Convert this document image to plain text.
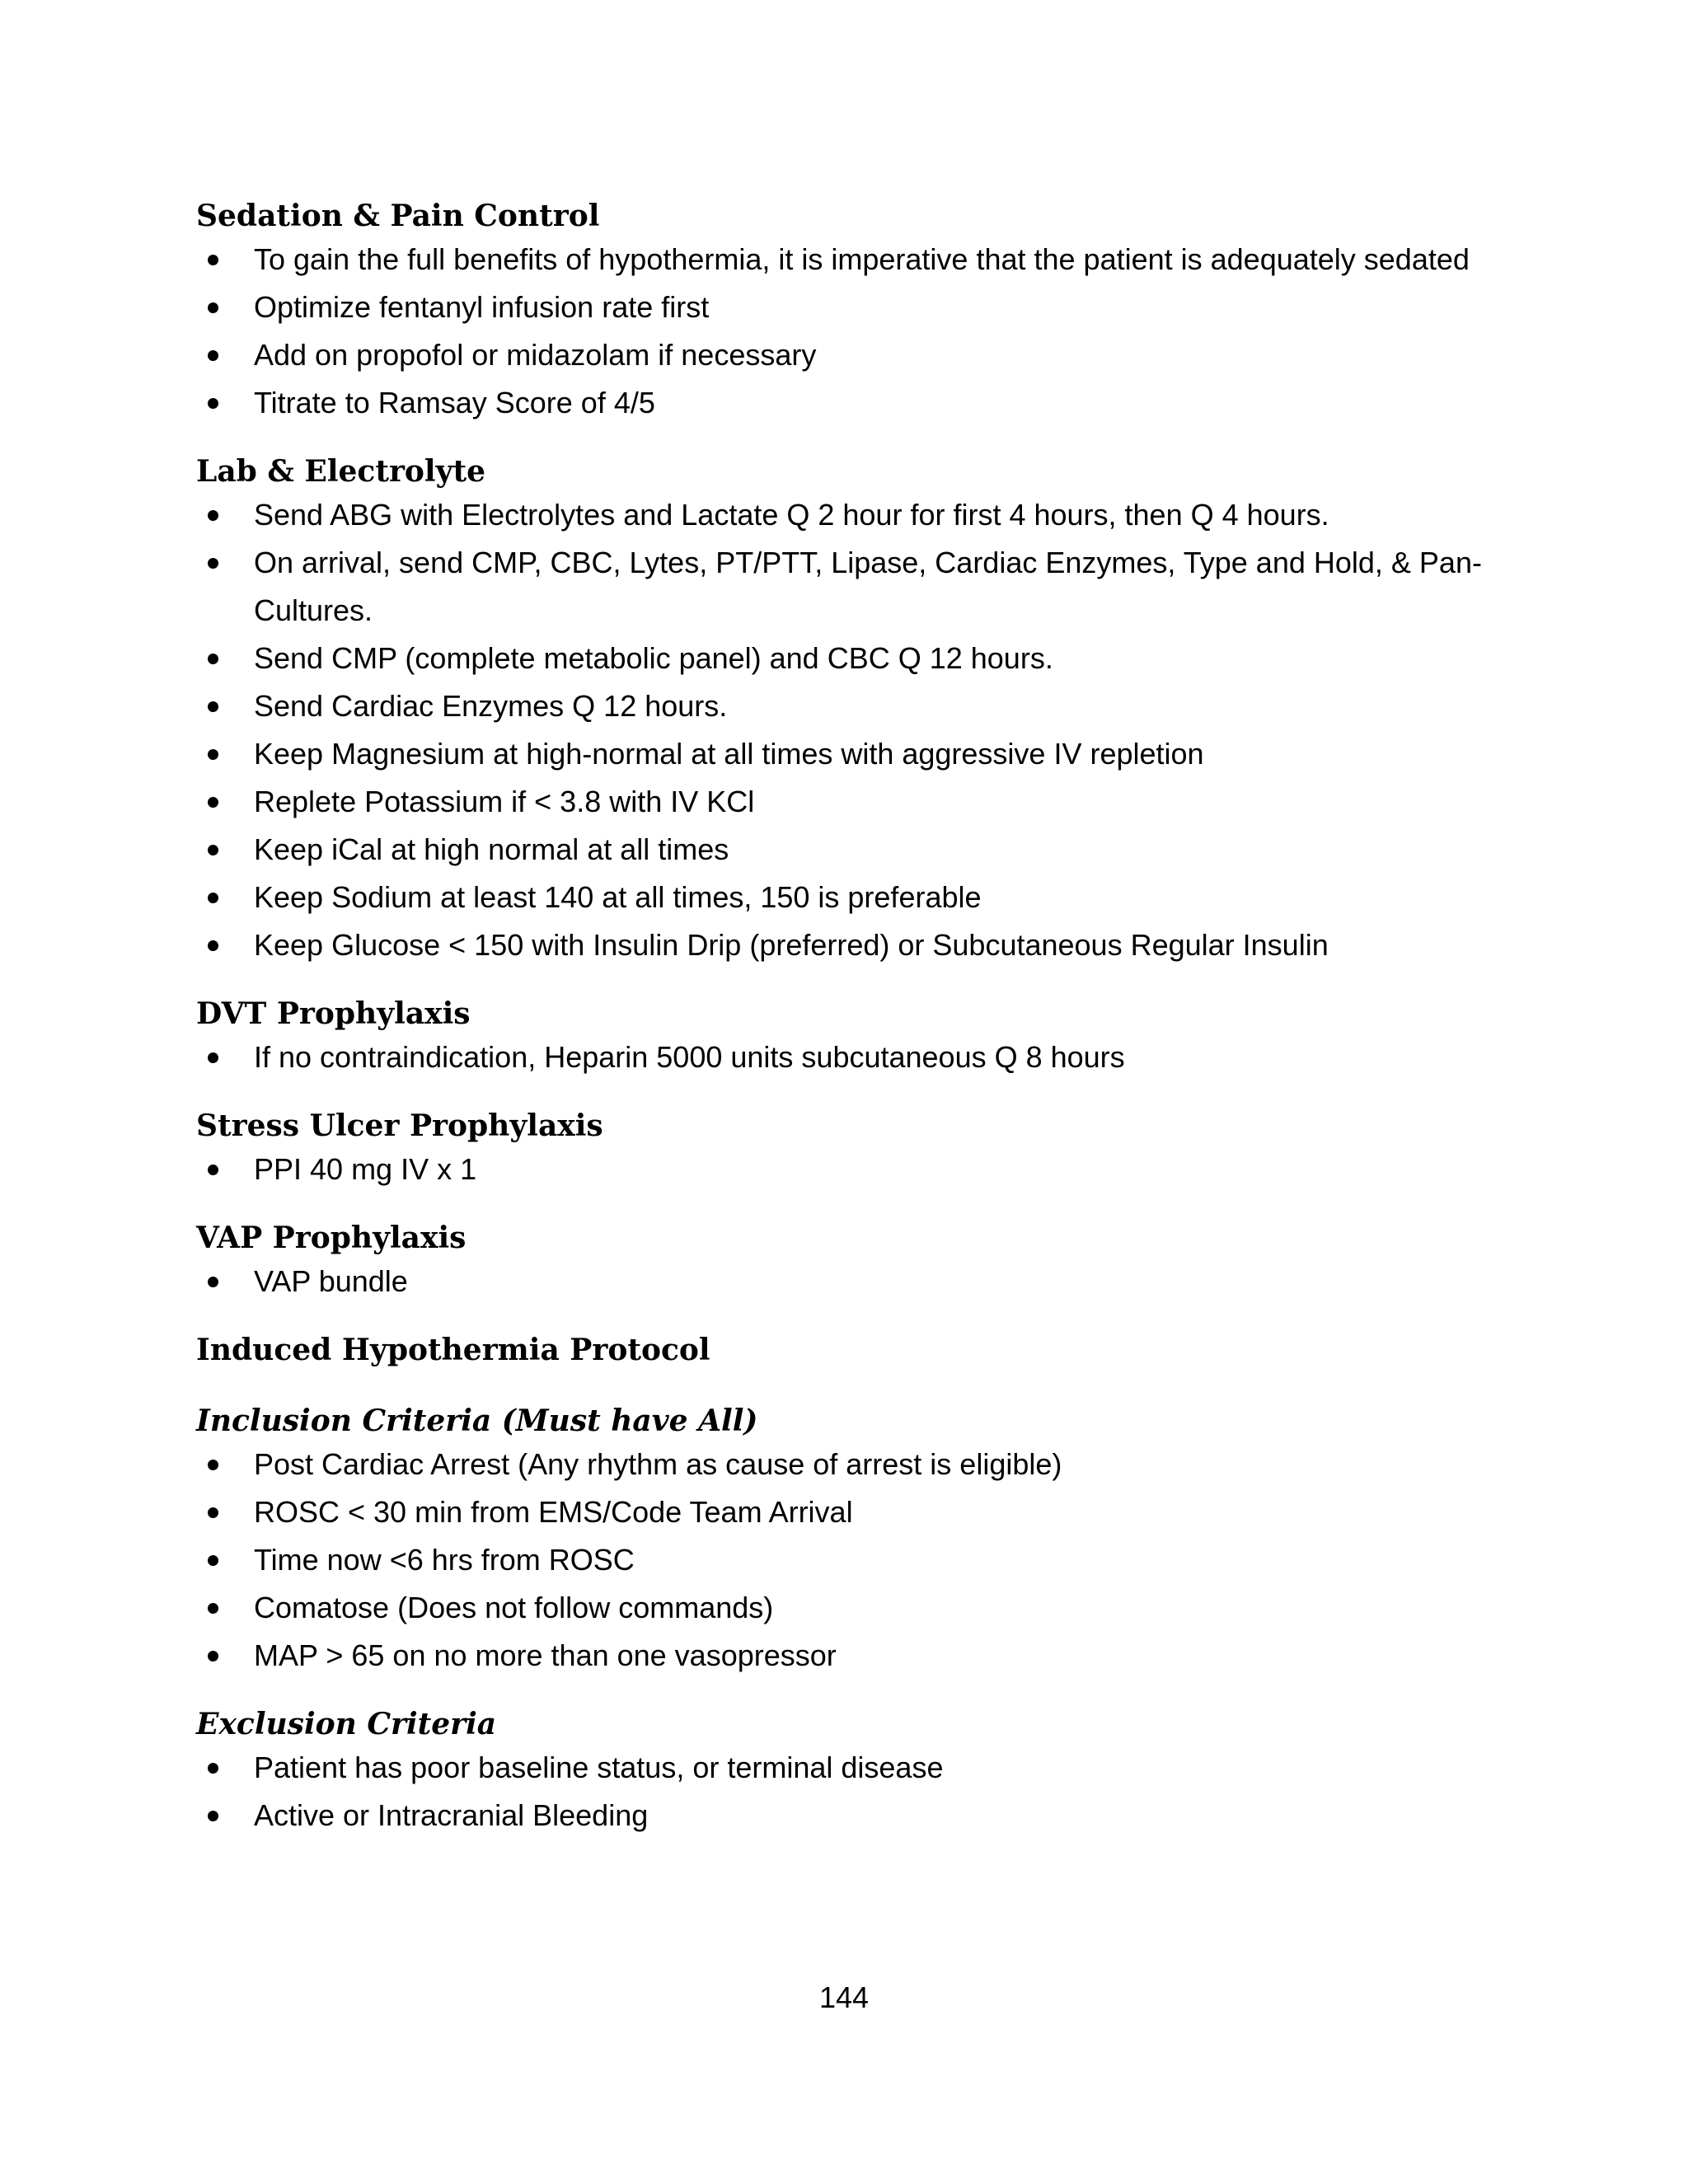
Sedation & Pain Control
To gain the full benefits of hypothermia, it is imperative that the patient is adequately sedated
Optimize fentanyl infusion rate first
Add on propofol or midazolam if necessary
Titrate to Ramsay Score of 4/5
Lab & Electrolyte
Send ABG with Electrolytes and Lactate Q 2 hour for first 4 hours, then Q 4 hours.
On arrival, send CMP, CBC, Lytes, PT/PTT, Lipase, Cardiac Enzymes, Type and Hold, & Pan-Cultures.
Send CMP (complete metabolic panel) and CBC Q 12 hours.
Send Cardiac Enzymes Q 12 hours.
Keep Magnesium at high-normal at all times with aggressive IV repletion
Replete Potassium if < 3.8 with IV KCl
Keep iCal at high normal at all times
Keep Sodium at least 140 at all times, 150 is preferable
Keep Glucose < 150 with Insulin Drip (preferred) or Subcutaneous Regular Insulin
DVT Prophylaxis
If no contraindication, Heparin 5000 units subcutaneous Q 8 hours
Stress Ulcer Prophylaxis
PPI 40 mg IV x 1
VAP Prophylaxis
VAP bundle
Induced Hypothermia Protocol
Inclusion Criteria (Must have All)
Post Cardiac Arrest (Any rhythm as cause of arrest is eligible)
ROSC < 30 min from EMS/Code Team Arrival
Time now <6 hrs from ROSC
Comatose (Does not follow commands)
MAP > 65 on no more than one vasopressor
Exclusion Criteria
Patient has poor baseline status, or terminal disease
Active or Intracranial Bleeding
144
